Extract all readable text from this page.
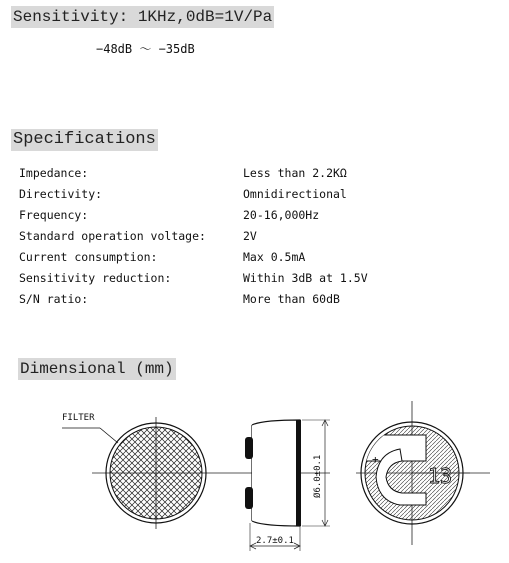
Sensitivity: 1KHz,0dB=1V/Pa
−48dB ～ −35dB
Specifications
Impedance:	Less than 2.2KΩ
Directivity:	Omnidirectional
Frequency:	20-16,000Hz
Standard operation voltage:	2V
Current consumption:	Max 0.5mA
Sensitivity reduction:	Within 3dB at 1.5V
S/N ratio:	More than 60dB
Dimensional (mm)
FILTER
Ø6.0±0.1
2.7±0.1
+
13
